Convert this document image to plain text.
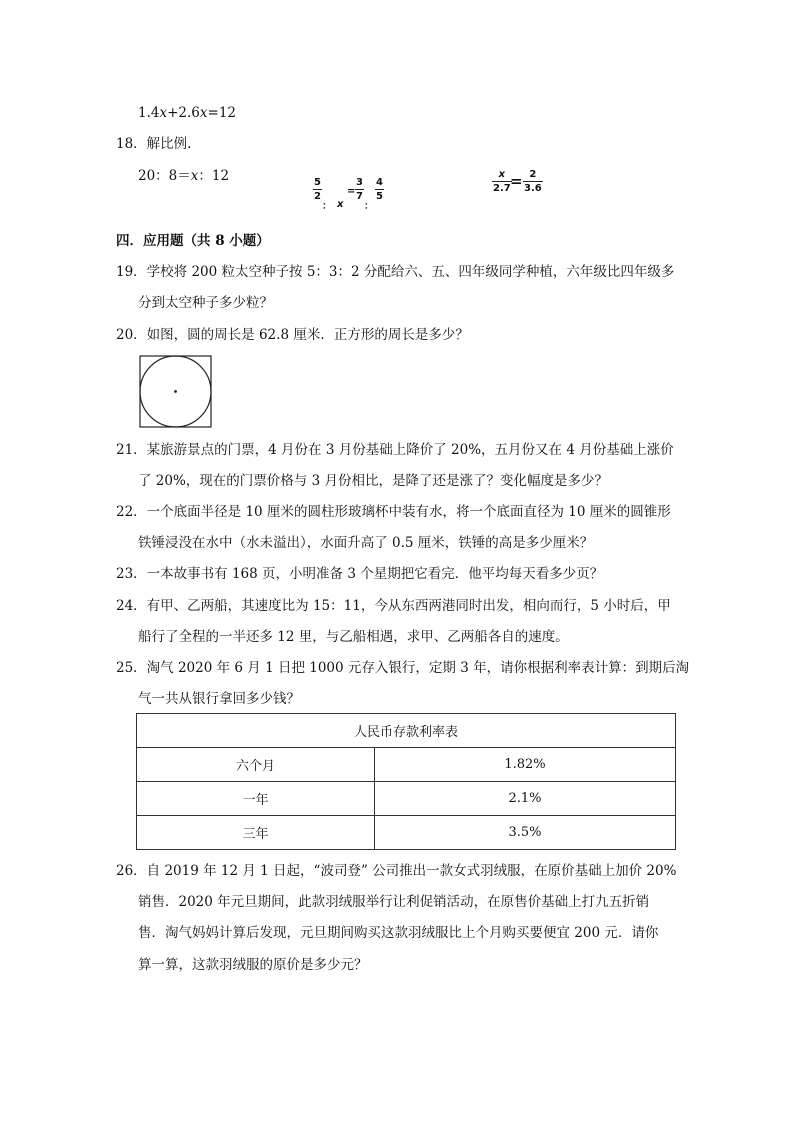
1.4x+2.6x=12
18．解比例.
20：8＝x：12	5
2
： x
=
3
7
：
4
5
x
2.7 = 2
3.6
四．应用题（共 8 小题）
19．学校将 200 粒太空种子按 5：3：2 分配给六、五、四年级同学种植，六年级比四年级多
分到太空种子多少粒？
20．如图，圆的周长是 62.8 厘米．正方形的周长是多少？
21．某旅游景点的门票，4 月份在 3 月份基础上降价了 20%，五月份又在 4 月份基础上涨价
了 20%，现在的门票价格与 3 月份相比，是降了还是涨了？变化幅度是多少？
22．一个底面半径是 10 厘米的圆柱形玻璃杯中装有水，将一个底面直径为 10 厘米的圆锥形
铁锤浸没在水中（水未溢出），水面升高了 0.5 厘米，铁锤的高是多少厘米？
23．一本故事书有 168 页，小明准备 3 个星期把它看完．他平均每天看多少页？
24．有甲、乙两船，其速度比为 15：11，今从东西两港同时出发，相向而行，5 小时后，甲
船行了全程的一半还多 12 里，与乙船相遇，求甲、乙两船各自的速度。
25．淘气 2020 年 6 月 1 日把 1000 元存入银行，定期 3 年，请你根据利率表计算：到期后淘
气一共从银行拿回多少钱？
人民币存款利率表	
六个月	1.82%
一年	2.1%
三年	3.5%
26．自 2019 年 12 月 1 日起，“波司登” 公司推出一款女式羽绒服，在原价基础上加价 20%
销售．2020 年元旦期间，此款羽绒服举行让利促销活动，在原售价基础上打九五折销
售．淘气妈妈计算后发现，元旦期间购买这款羽绒服比上个月购买要便宜 200 元．请你
算一算，这款羽绒服的原价是多少元？
